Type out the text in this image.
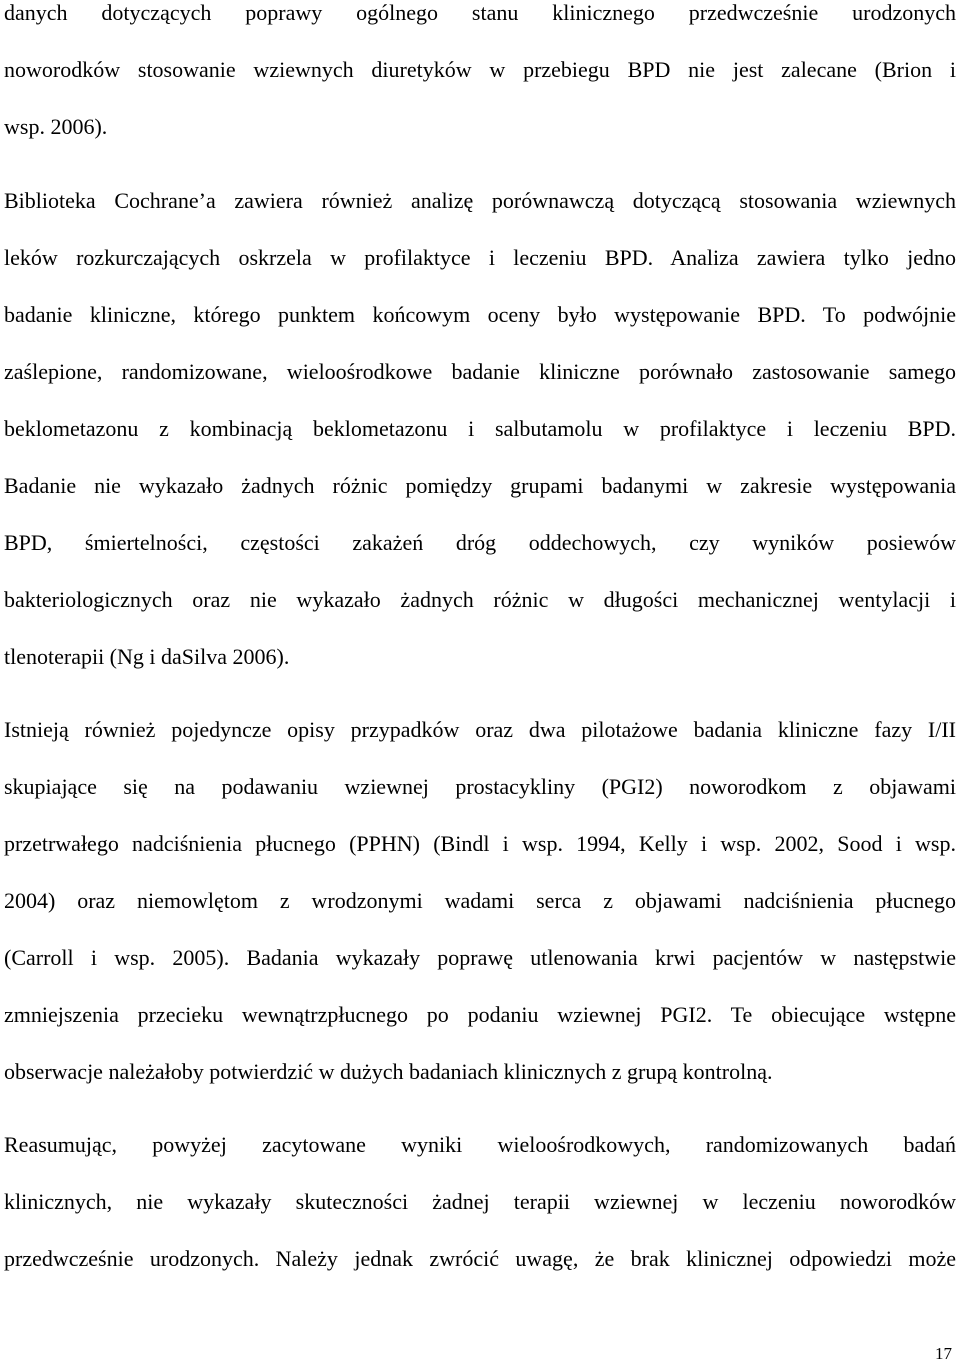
danych dotyczących poprawy ogólnego stanu klinicznego przedwcześnie urodzonych
noworodków stosowanie wziewnych diuretyków w przebiegu BPD nie jest zalecane (Brion i
wsp. 2006).
Biblioteka Cochrane’a zawiera również analizę porównawczą dotyczącą stosowania wziewnych
leków rozkurczających oskrzela w profilaktyce i leczeniu BPD. Analiza zawiera tylko jedno
badanie kliniczne, którego punktem końcowym oceny było występowanie BPD. To podwójnie
zaślepione, randomizowane, wieloośrodkowe badanie kliniczne porównało zastosowanie samego
beklometazonu z kombinacją beklometazonu i salbutamolu w profilaktyce i leczeniu BPD.
Badanie nie wykazało żadnych różnic pomiędzy grupami badanymi w zakresie występowania
BPD, śmiertelności, częstości zakażeń dróg oddechowych, czy wyników posiewów
bakteriologicznych oraz nie wykazało żadnych różnic w długości mechanicznej wentylacji i
tlenoterapii (Ng i daSilva 2006).
Istnieją również pojedyncze opisy przypadków oraz dwa pilotażowe badania kliniczne fazy I/II
skupiające się na podawaniu wziewnej prostacykliny (PGI2) noworodkom z objawami
przetrwałego nadciśnienia płucnego (PPHN) (Bindl i wsp. 1994, Kelly i wsp. 2002, Sood i wsp.
2004) oraz niemowlętom z wrodzonymi wadami serca z objawami nadciśnienia płucnego
(Carroll i wsp. 2005). Badania wykazały poprawę utlenowania krwi pacjentów w następstwie
zmniejszenia przecieku wewnątrzpłucnego po podaniu wziewnej PGI2. Te obiecujące wstępne
obserwacje należałoby potwierdzić w dużych badaniach klinicznych z grupą kontrolną.
Reasumując, powyżej zacytowane wyniki wieloośrodkowych, randomizowanych badań
klinicznych, nie wykazały skuteczności żadnej terapii wziewnej w leczeniu noworodków
przedwcześnie urodzonych. Należy jednak zwrócić uwagę, że brak klinicznej odpowiedzi może
17
